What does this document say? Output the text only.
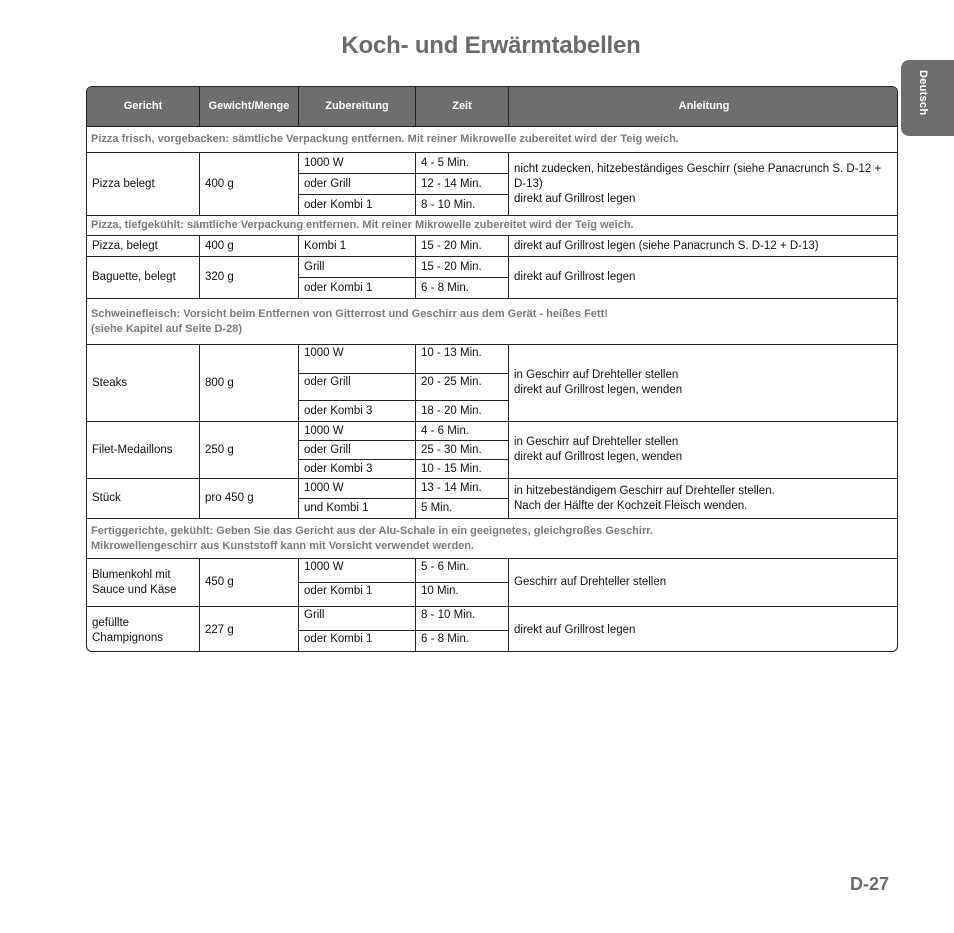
Koch- und Erwärmtabellen
Deutsch
Gericht	Gewicht/Menge	Zubereitung	Zeit	Anleitung
Pizza frisch, vorgebacken: sämtliche Verpackung entfernen. Mit reiner Mikrowelle zubereitet wird der Teig weich.				
Pizza belegt	400 g	1000 W	4 - 5 Min.	nicht zudecken, hitzebeständiges Geschirr (siehe Panacrunch S. D-12 + D-13)
direkt auf Grillrost legen
		oder Grill	12 - 14 Min.	
		oder Kombi 1	8 - 10 Min.	
Pizza, tiefgekühlt: sämtliche Verpackung entfernen. Mit reiner Mikrowelle zubereitet wird der Teig weich.				
Pizza, belegt	400 g	Kombi 1	15 - 20 Min.	direkt auf Grillrost legen (siehe Panacrunch S. D-12 + D-13)
Baguette, belegt	320 g	Grill	15 - 20 Min.	direkt auf Grillrost legen
		oder Kombi 1	6 - 8 Min.	
Schweinefleisch: Vorsicht beim Entfernen von Gitterrost und Geschirr aus dem Gerät - heißes Fett!
(siehe Kapitel auf Seite D-28)				
Steaks	800 g	1000 W	10 - 13 Min.	in Geschirr auf Drehteller stellen
direkt auf Grillrost legen, wenden
		oder Grill	20 - 25 Min.	
		oder Kombi 3	18 - 20 Min.	
Filet-Medaillons	250 g	1000 W	4 - 6 Min.	in Geschirr auf Drehteller stellen
direkt auf Grillrost legen, wenden
		oder Grill	25 - 30 Min.	
		oder Kombi 3	10 - 15 Min.	
Stück	pro 450 g	1000 W	13 - 14 Min.	in hitzebeständigem Geschirr auf Drehteller stellen.
Nach der Hälfte der Kochzeit Fleisch wenden.
		und Kombi 1	5 Min.	
Fertiggerichte, gekühlt: Geben Sie das Gericht aus der Alu-Schale in ein geeignetes, gleichgroßes Geschirr.
Mikrowellengeschirr aus Kunststoff kann mit Vorsicht verwendet werden.				
Blumenkohl mit Sauce und Käse	450 g	1000 W	5 - 6 Min.	Geschirr auf Drehteller stellen
		oder Kombi 1	10 Min.	
gefüllte Champignons	227 g	Grill	8 - 10 Min.	direkt auf Grillrost legen
		oder Kombi 1	6 - 8 Min.	
D-27
